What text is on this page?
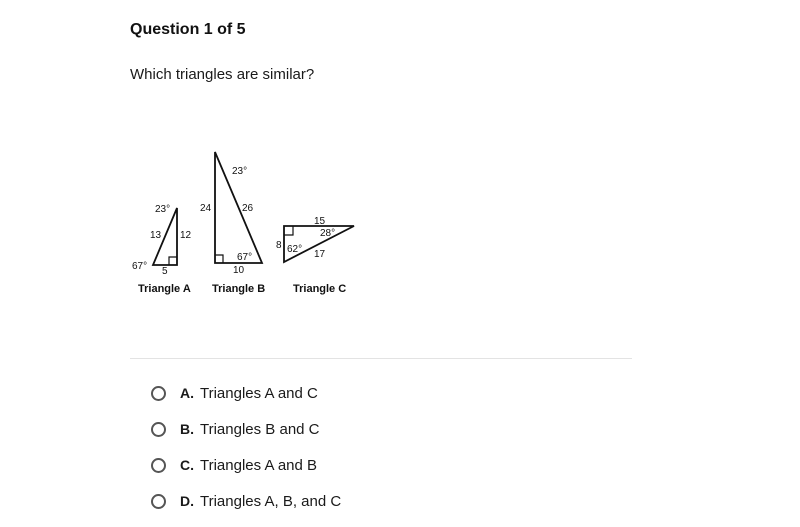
Question 1 of 5
Which triangles are similar?
23°
13 12
5
67°
Triangle A
23°
24	26
67°
10
Triangle B
15
28°
8 62° 17
Triangle C
A. Triangles A and C
B. Triangles B and C
C. Triangles A and B
D. Triangles A, B, and C
